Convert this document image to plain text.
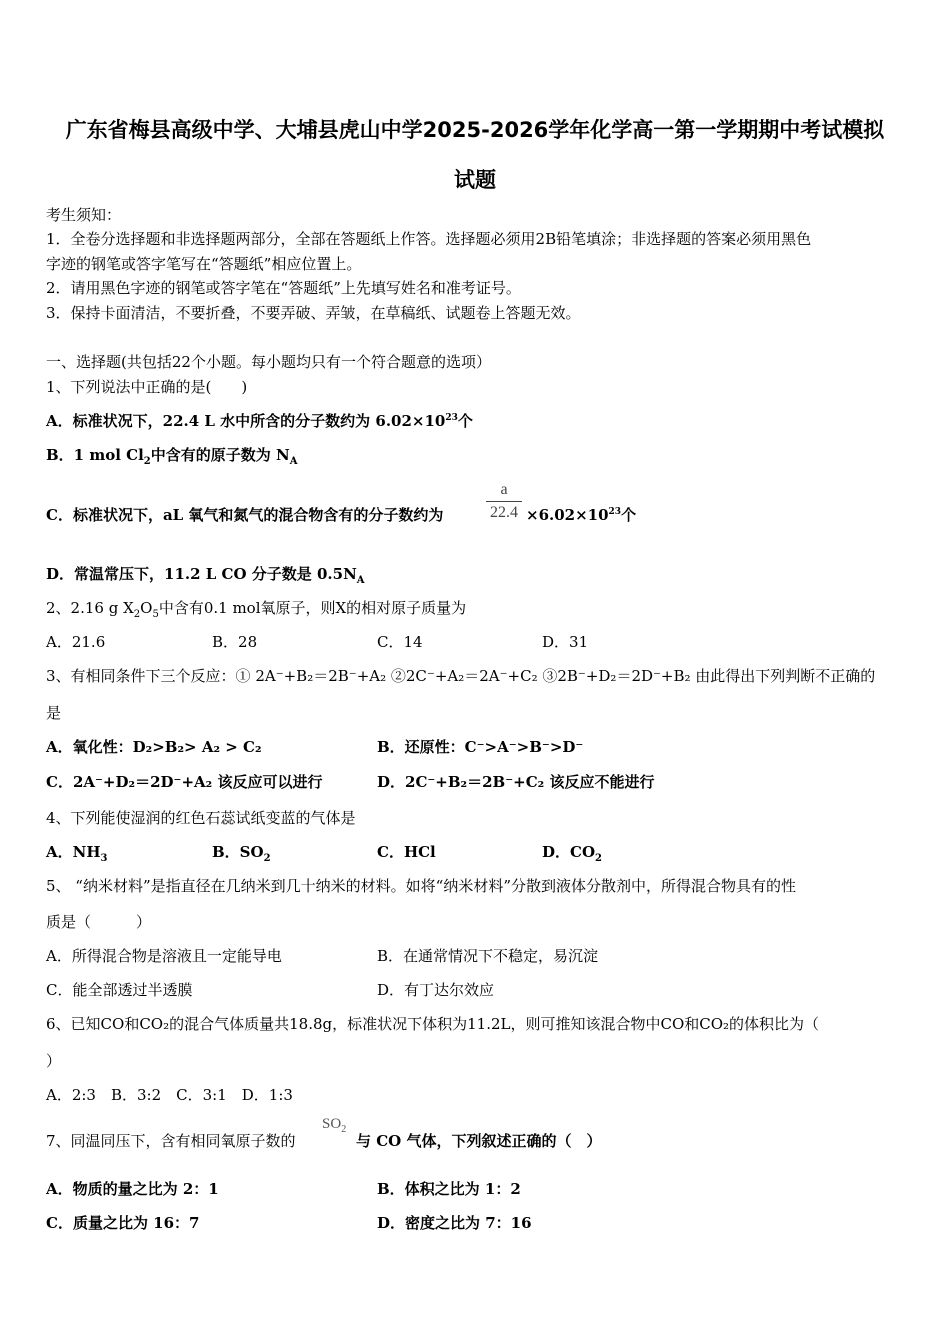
广东省梅县高级中学、大埔县虎山中学2025-2026学年化学高一第一学期期中考试模拟
试题
考生须知：
1．全卷分选择题和非选择题两部分，全部在答题纸上作答。选择题必须用2B铅笔填涂；非选择题的答案必须用黑色
字迹的钢笔或答字笔写在“答题纸”相应位置上。
2．请用黑色字迹的钢笔或答字笔在“答题纸”上先填写姓名和准考证号。
3．保持卡面清洁，不要折叠，不要弄破、弄皱，在草稿纸、试题卷上答题无效。
一、选择题(共包括22个小题。每小题均只有一个符合题意的选项）
1、下列说法中正确的是(　　)
A．标准状况下，22.4 L 水中所含的分子数约为 $6.02\times 10^{23}$个
B．1 mol $Cl_2$中含有的原子数为 $N_A$
C．标准状况下，aL 氧气和氮气的混合物含有的分子数约为
a
$22.4 \times 6.02\times 10^{23}$个
D．常温常压下，11.2 L CO 分子数是 $0.5N_A$
2、2.16 g $X_2O_5$中含有0.1 mol氧原子，则X的相对原子质量为
A．21.6	B．28	C．14	D．31
3、有相同条件下三个反应：① 2A⁻+B₂＝2B⁻+A₂ ②2C⁻+A₂＝2A⁻+C₂ ③2B⁻+D₂＝2D⁻+B₂ 由此得出下列判断不正确的
是
A．氧化性：D₂>B₂> A₂ > C₂	B．还原性：C⁻>A⁻>B⁻>D⁻
C．2A⁻+D₂＝2D⁻+A₂ 该反应可以进行	D．2C⁻+B₂＝2B⁻+C₂ 该反应不能进行
4、下列能使湿润的红色石蕊试纸变蓝的气体是
A．$NH_3$	B．$SO_2$	C．HCl	D．$CO_2$
5、 “纳米材料”是指直径在几纳米到几十纳米的材料。如将“纳米材料”分散到液体分散剂中，所得混合物具有的性
质是（　　　）
A．所得混合物是溶液且一定能导电	B．在通常情况下不稳定，易沉淀
C．能全部透过半透膜	D．有丁达尔效应
6、已知CO和CO₂的混合气体质量共18.8g，标准状况下体积为11.2L，则可推知该混合物中CO和CO₂的体积比为（
）
A．2:3　B．3:2　C．3:1　D．1:3
7、同温同压下，含有相同氧原子数的
$SO_2$
与 CO 气体，下列叙述正确的（　）
A．物质的量之比为 2：1	B．体积之比为 1：2
C．质量之比为 16：7	D．密度之比为 7：16
